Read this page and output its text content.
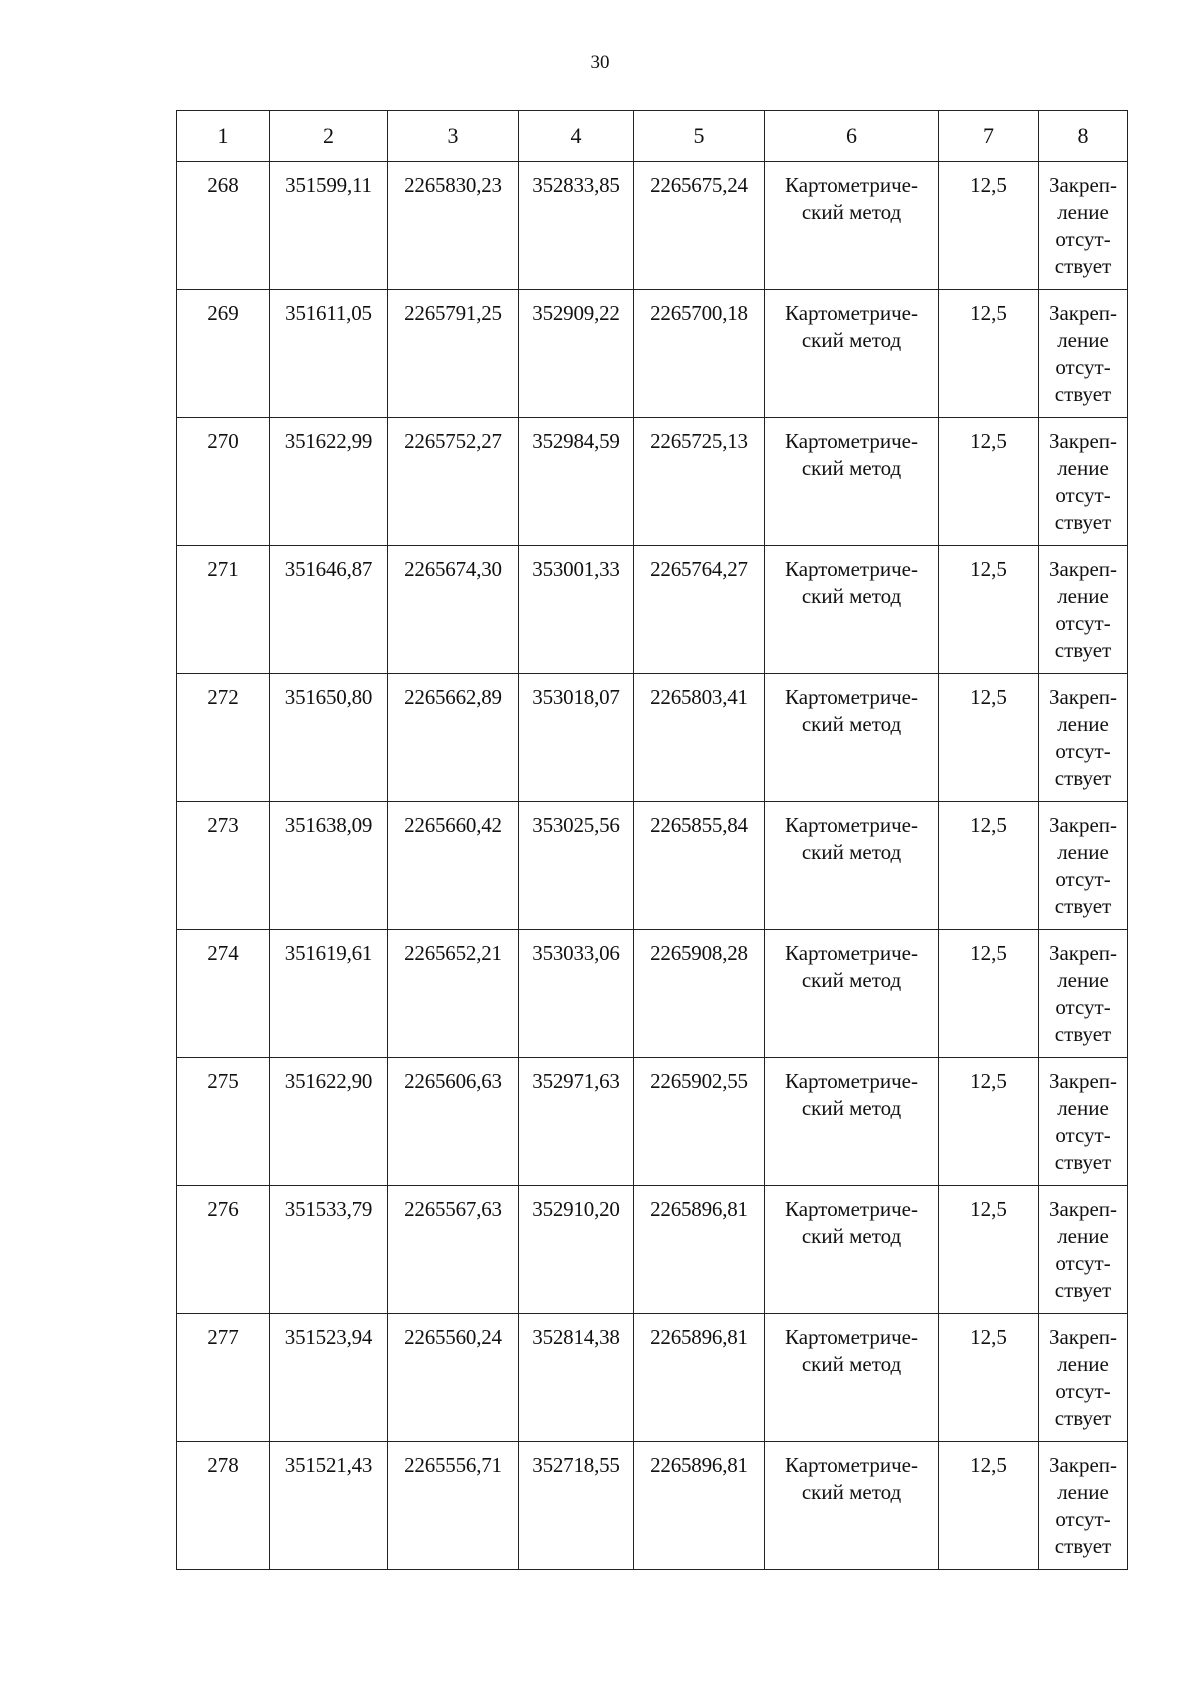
30
1	2	3	4	5	6	7	8
268	351599,11	2265830,23	352833,85	2265675,24	Картометриче-
ский метод	12,5	Закреп-
ление
отсут-
ствует

269	351611,05	2265791,25	352909,22	2265700,18	Картометриче-
ский метод	12,5	Закреп-
ление
отсут-
ствует

270	351622,99	2265752,27	352984,59	2265725,13	Картометриче-
ский метод	12,5	Закреп-
ление
отсут-
ствует

271	351646,87	2265674,30	353001,33	2265764,27	Картометриче-
ский метод	12,5	Закреп-
ление
отсут-
ствует

272	351650,80	2265662,89	353018,07	2265803,41	Картометриче-
ский метод	12,5	Закреп-
ление
отсут-
ствует

273	351638,09	2265660,42	353025,56	2265855,84	Картометриче-
ский метод	12,5	Закреп-
ление
отсут-
ствует

274	351619,61	2265652,21	353033,06	2265908,28	Картометриче-
ский метод	12,5	Закреп-
ление
отсут-
ствует

275	351622,90	2265606,63	352971,63	2265902,55	Картометриче-
ский метод	12,5	Закреп-
ление
отсут-
ствует

276	351533,79	2265567,63	352910,20	2265896,81	Картометриче-
ский метод	12,5	Закреп-
ление
отсут-
ствует

277	351523,94	2265560,24	352814,38	2265896,81	Картометриче-
ский метод	12,5	Закреп-
ление
отсут-
ствует

278	351521,43	2265556,71	352718,55	2265896,81	Картометриче-
ский метод	12,5	Закреп-
ление
отсут-
ствует
